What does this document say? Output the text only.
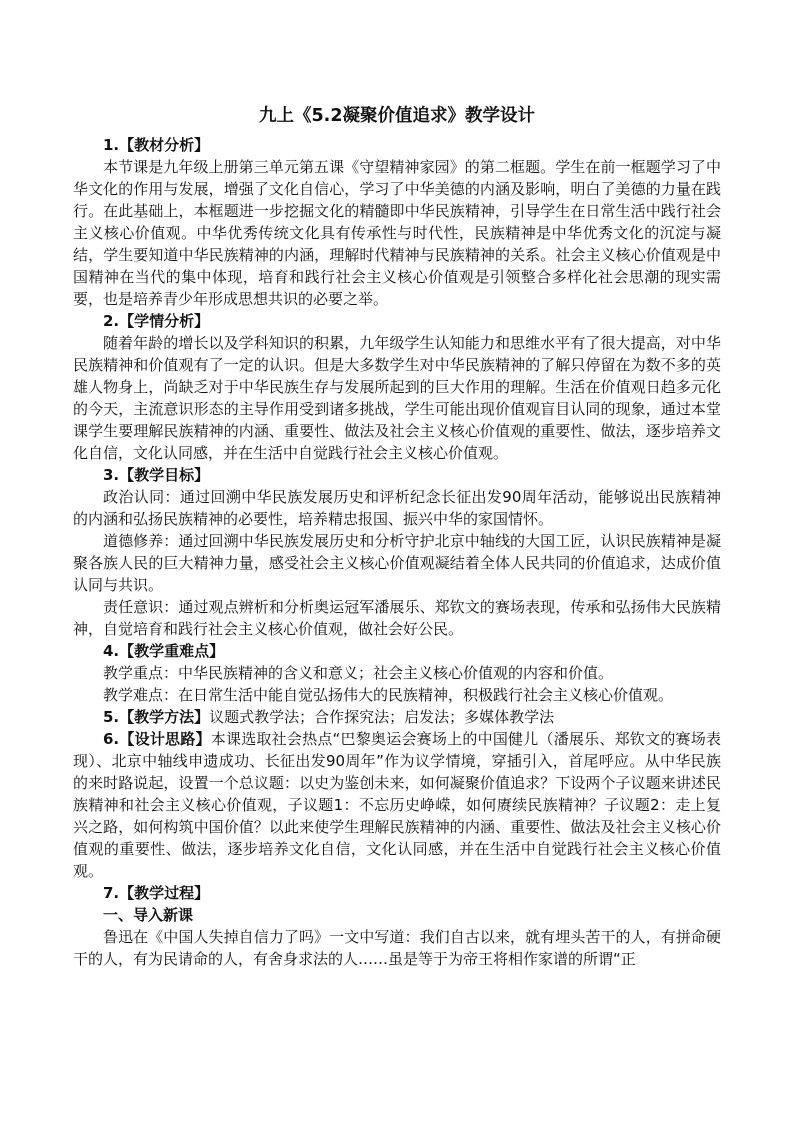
九上《5.2凝聚价值追求》教学设计
1.【教材分析】

本节课是九年级上册第三单元第五课《守望精神家园》的第二框题。学生在前一框题学习了中华文化的作用与发展，增强了文化自信心，学习了中华美德的内涵及影响，明白了美德的力量在践行。在此基础上，本框题进一步挖掘文化的精髓即中华民族精神，引导学生在日常生活中践行社会主义核心价值观。中华优秀传统文化具有传承性与时代性，民族精神是中华优秀文化的沉淀与凝结，学生要知道中华民族精神的内涵，理解时代精神与民族精神的关系。社会主义核心价值观是中国精神在当代的集中体现，培育和践行社会主义核心价值观是引领整合多样化社会思潮的现实需要，也是培养青少年形成思想共识的必要之举。

2.【学情分析】

随着年龄的增长以及学科知识的积累，九年级学生认知能力和思维水平有了很大提高，对中华民族精神和价值观有了一定的认识。但是大多数学生对中华民族精神的了解只停留在为数不多的英雄人物身上，尚缺乏对于中华民族生存与发展所起到的巨大作用的理解。生活在价值观日趋多元化的今天，主流意识形态的主导作用受到诸多挑战，学生可能出现价值观盲目认同的现象，通过本堂课学生要理解民族精神的内涵、重要性、做法及社会主义核心价值观的重要性、做法，逐步培养文化自信，文化认同感，并在生活中自觉践行社会主义核心价值观。

3.【教学目标】

政治认同：通过回溯中华民族发展历史和评析纪念长征出发90周年活动，能够说出民族精神的内涵和弘扬民族精神的必要性，培养精忠报国、振兴中华的家国情怀。

道德修养：通过回溯中华民族发展历史和分析守护北京中轴线的大国工匠，认识民族精神是凝聚各族人民的巨大精神力量，感受社会主义核心价值观凝结着全体人民共同的价值追求，达成价值认同与共识。

责任意识：通过观点辨析和分析奥运冠军潘展乐、郑钦文的赛场表现，传承和弘扬伟大民族精神，自觉培育和践行社会主义核心价值观，做社会好公民。

4.【教学重难点】

教学重点：中华民族精神的含义和意义；社会主义核心价值观的内容和价值。

教学难点：在日常生活中能自觉弘扬伟大的民族精神，积极践行社会主义核心价值观。

5.【教学方法】议题式教学法；合作探究法；启发法；多媒体教学法

6.【设计思路】本课选取社会热点“巴黎奥运会赛场上的中国健儿（潘展乐、郑钦文的赛场表现）、北京中轴线申遗成功、长征出发90周年”作为议学情境，穿插引入，首尾呼应。从中华民族的来时路说起，设置一个总议题：以史为鉴创未来，如何凝聚价值追求？下设两个子议题来讲述民族精神和社会主义核心价值观，子议题1：不忘历史峥嵘，如何赓续民族精神？子议题2：走上复兴之路，如何构筑中国价值？以此来使学生理解民族精神的内涵、重要性、做法及社会主义核心价值观的重要性、做法，逐步培养文化自信，文化认同感，并在生活中自觉践行社会主义核心价值观。

7.【教学过程】
一、导入新课

鲁迅在《中国人失掉自信力了吗》一文中写道：我们自古以来，就有埋头苦干的人，有拼命硬干的人，有为民请命的人，有舍身求法的人……虽是等于为帝王将相作家谱的所谓“正
